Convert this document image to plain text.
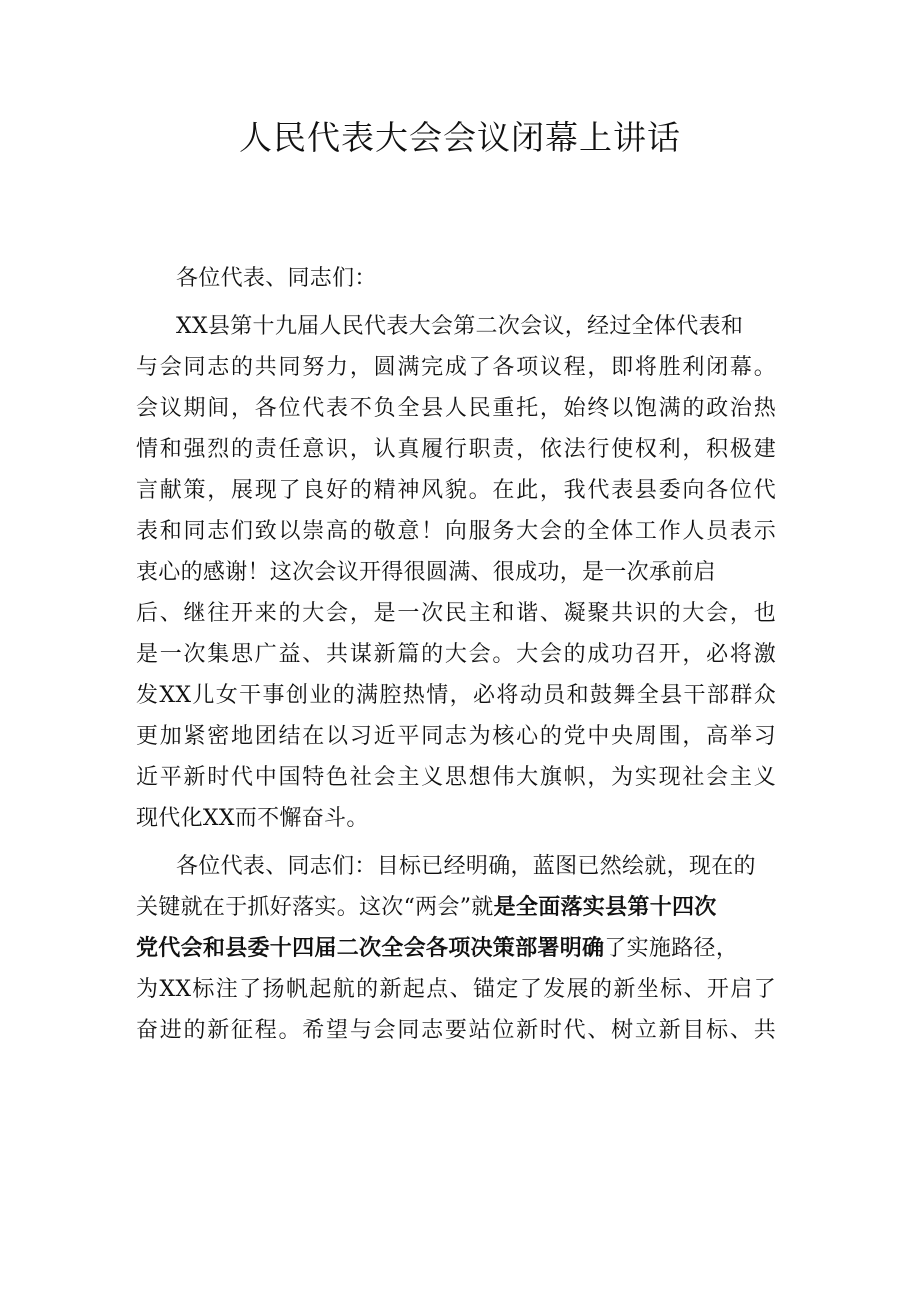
人民代表大会会议闭幕上讲话
各位代表、同志们：
XX县第十九届人民代表大会第二次会议，经过全体代表和
与会同志的共同努力，圆满完成了各项议程，即将胜利闭幕。
会议期间，各位代表不负全县人民重托，始终以饱满的政治热
情和强烈的责任意识，认真履行职责，依法行使权利，积极建
言献策，展现了良好的精神风貌。在此，我代表县委向各位代
表和同志们致以崇高的敬意！向服务大会的全体工作人员表示
衷心的感谢！这次会议开得很圆满、很成功，是一次承前启
后、继往开来的大会，是一次民主和谐、凝聚共识的大会，也
是一次集思广益、共谋新篇的大会。大会的成功召开，必将激
发XX儿女干事创业的满腔热情，必将动员和鼓舞全县干部群众
更加紧密地团结在以习近平同志为核心的党中央周围，高举习
近平新时代中国特色社会主义思想伟大旗帜，为实现社会主义
现代化XX而不懈奋斗。
各位代表、同志们：目标已经明确，蓝图已然绘就，现在的
关键就在于抓好落实。这次“两会”就是全面落实县第十四次
党代会和县委十四届二次全会各项决策部署明确了实施路径，
为XX标注了扬帆起航的新起点、锚定了发展的新坐标、开启了
奋进的新征程。希望与会同志要站位新时代、树立新目标、共
